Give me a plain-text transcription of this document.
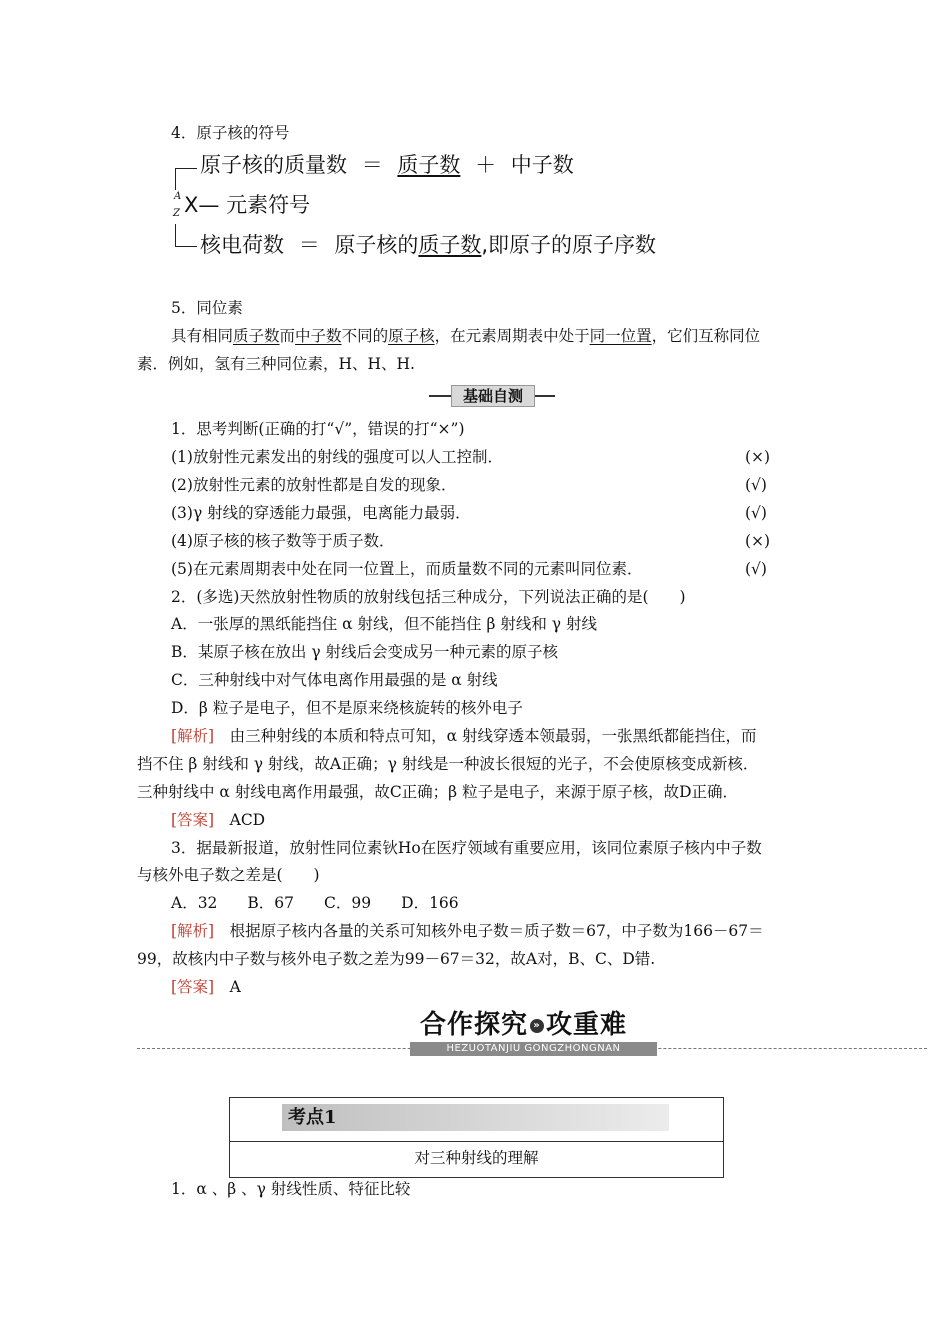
4．原子核的符号
原子核的质量数 ＝ 质子数 ＋ 中子数
A
Z X— 元素符号
核电荷数 ＝ 原子核的质子数,即原子的原子序数
5．同位素
具有相同质子数而中子数不同的原子核，在元素周期表中处于同一位置，它们互称同位
素．例如，氢有三种同位素，H、H、H.
基础自测
1．思考判断(正确的打“√”，错误的打“×”)
(1)放射性元素发出的射线的强度可以人工控制．	(×)
(2)放射性元素的放射性都是自发的现象．	(√)
(3)γ 射线的穿透能力最强，电离能力最弱．	(√)
(4)原子核的核子数等于质子数．	(×)
(5)在元素周期表中处在同一位置上，而质量数不同的元素叫同位素．	(√)
2．(多选)天然放射性物质的放射线包括三种成分，下列说法正确的是(　　)
A．一张厚的黑纸能挡住 α 射线，但不能挡住 β 射线和 γ 射线
B．某原子核在放出 γ 射线后会变成另一种元素的原子核
C．三种射线中对气体电离作用最强的是 α 射线
D．β 粒子是电子，但不是原来绕核旋转的核外电子
[解析]　 由三种射线的本质和特点可知，α 射线穿透本领最弱，一张黑纸都能挡住，而
挡不住 β 射线和 γ 射线，故A正确；γ 射线是一种波长很短的光子，不会使原核变成新核．
三种射线中 α 射线电离作用最强，故C正确；β 粒子是电子，来源于原子核，故D正确．
[答案]　 ACD
3．据最新报道，放射性同位素钬Ho在医疗领域有重要应用，该同位素原子核内中子数
与核外电子数之差是(　　)
A．32 B．67 C．99 D．166
[解析]　 根据原子核内各量的关系可知核外电子数＝质子数＝67，中子数为166－67＝
99，故核内中子数与核外电子数之差为99－67＝32，故A对，B、C、D错.
[答案]　 A
合作探究 » 攻重难
HEZUOTANJIU GONGZHONGNAN
考点1
对三种射线的理解
1．α 、β 、γ 射线性质、特征比较
